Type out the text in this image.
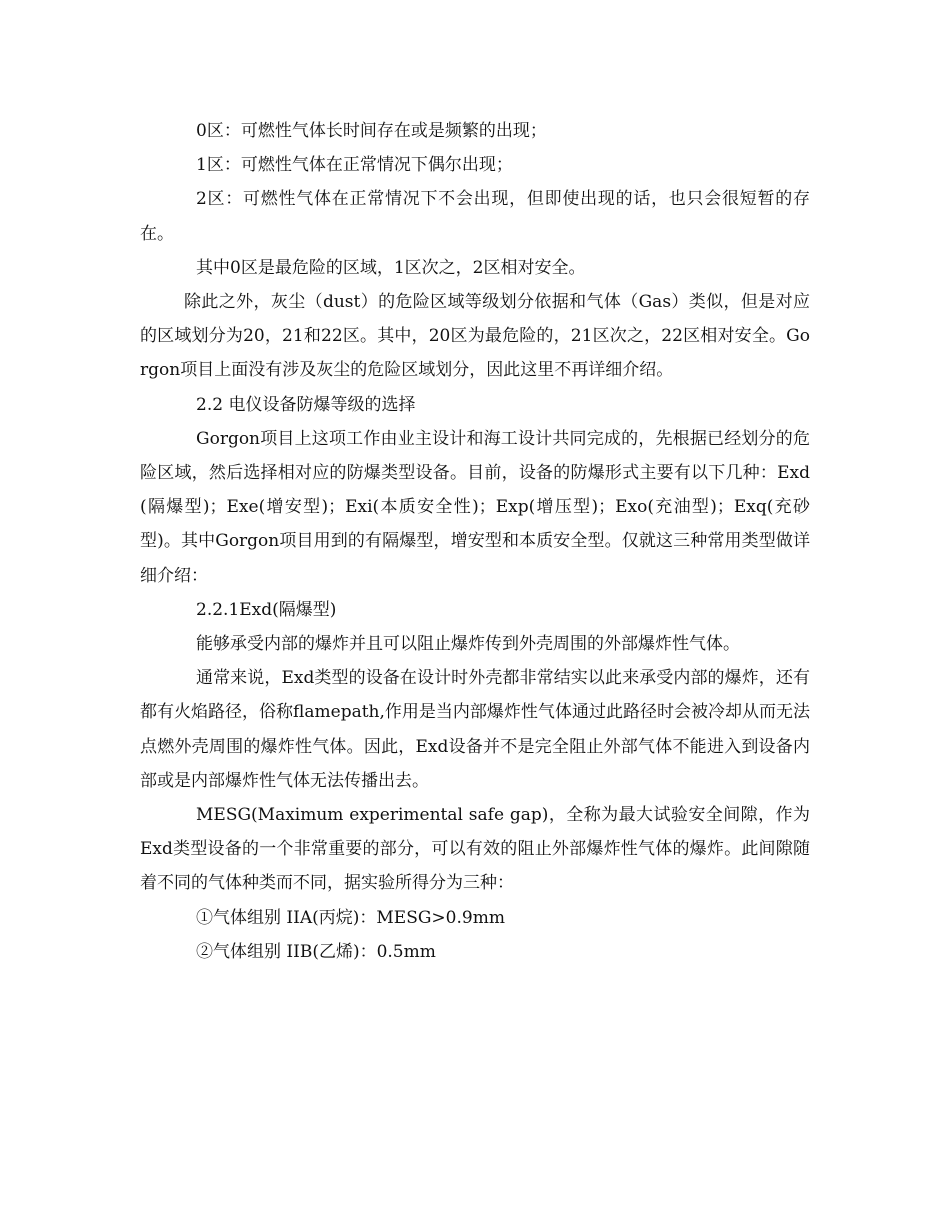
0区：可燃性气体长时间存在或是频繁的出现；

1区：可燃性气体在正常情况下偶尔出现；

2区：可燃性气体在正常情况下不会出现，但即使出现的话，也只会很短暂的存在。

其中0区是最危险的区域，1区次之，2区相对安全。

除此之外，灰尘（dust）的危险区域等级划分依据和气体（Gas）类似，但是对应的区域划分为20，21和22区。其中，20区为最危险的，21区次之，22区相对安全。Gorgon项目上面没有涉及灰尘的危险区域划分，因此这里不再详细介绍。

2.2 电仪设备防爆等级的选择

Gorgon项目上这项工作由业主设计和海工设计共同完成的，先根据已经划分的危险区域，然后选择相对应的防爆类型设备。目前，设备的防爆形式主要有以下几种：Exd(隔爆型)；Exe(增安型)；Exi(本质安全性)；Exp(增压型)；Exo(充油型)；Exq(充砂型)。其中Gorgon项目用到的有隔爆型，增安型和本质安全型。仅就这三种常用类型做详细介绍：

2.2.1Exd(隔爆型)

能够承受内部的爆炸并且可以阻止爆炸传到外壳周围的外部爆炸性气体。

通常来说，Exd类型的设备在设计时外壳都非常结实以此来承受内部的爆炸，还有都有火焰路径，俗称flamepath,作用是当内部爆炸性气体通过此路径时会被冷却从而无法点燃外壳周围的爆炸性气体。因此，Exd设备并不是完全阻止外部气体不能进入到设备内部或是内部爆炸性气体无法传播出去。

MESG(Maximum experimental safe gap)，全称为最大试验安全间隙，作为Exd类型设备的一个非常重要的部分，可以有效的阻止外部爆炸性气体的爆炸。此间隙随着不同的气体种类而不同，据实验所得分为三种：

①气体组别 IIA(丙烷)：MESG>0.9mm

②气体组别 IIB(乙烯)：0.5mm
